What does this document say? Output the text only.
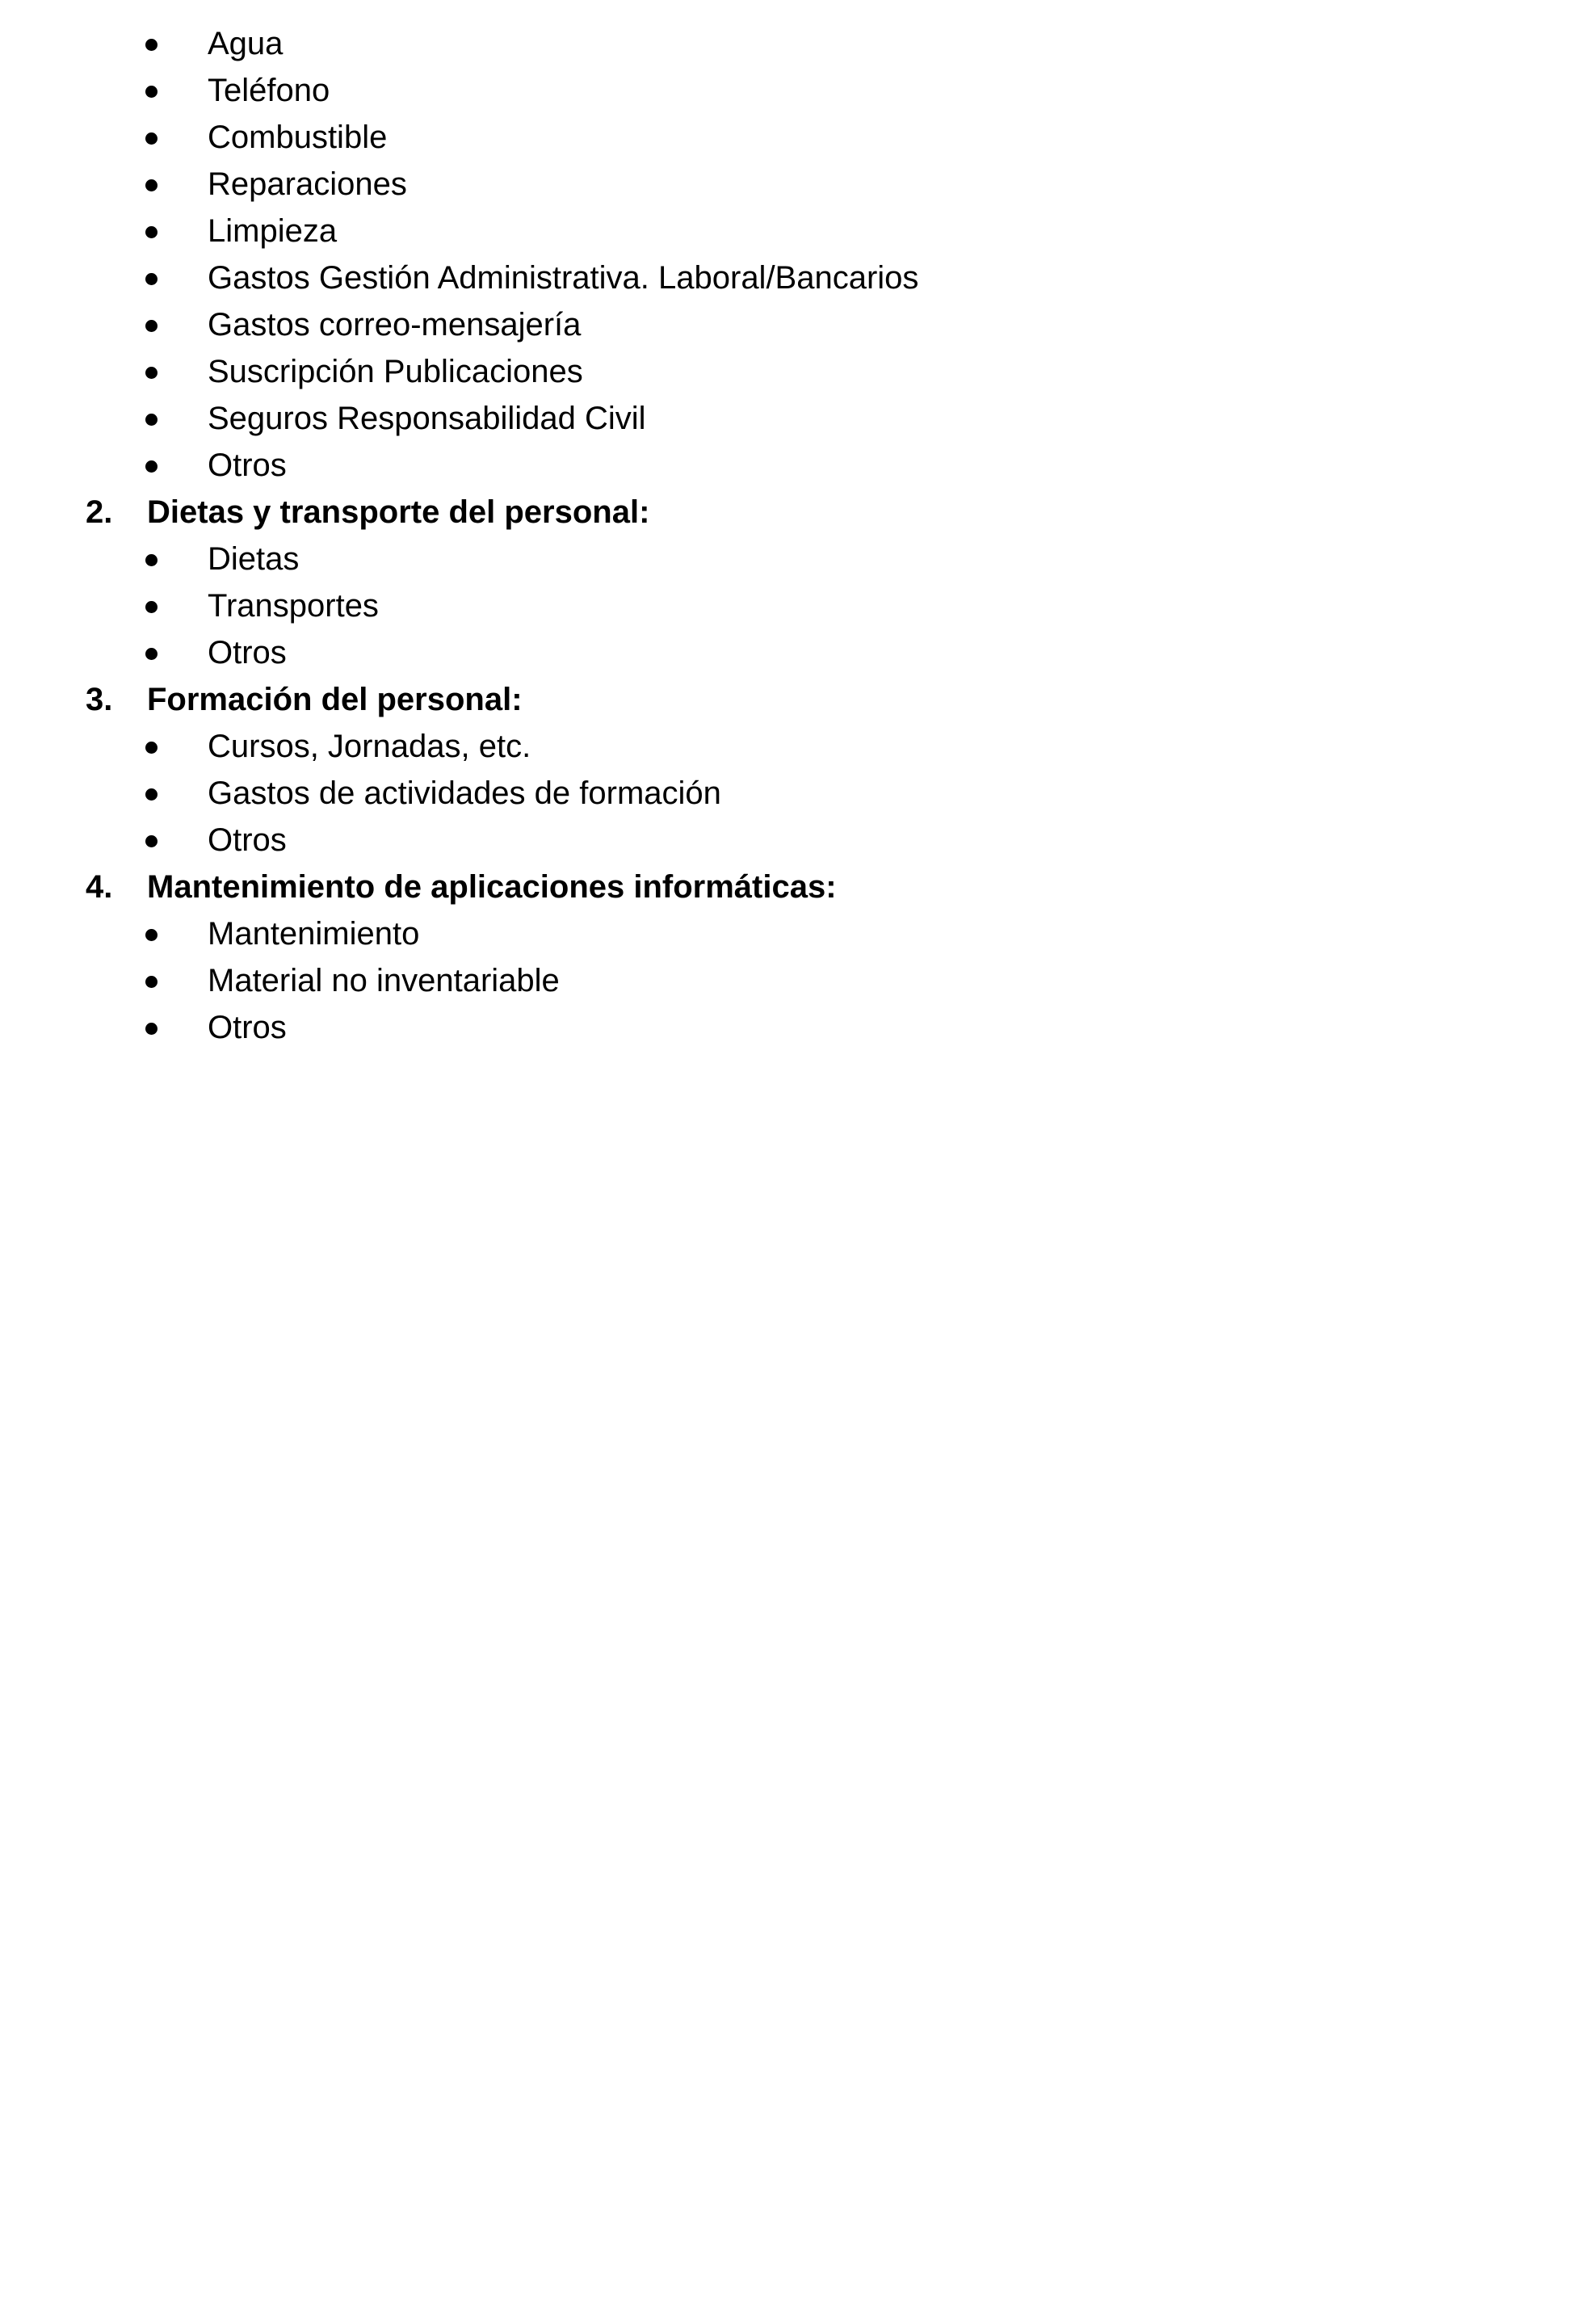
Agua
Teléfono
Combustible
Reparaciones
Limpieza
Gastos Gestión Administrativa. Laboral/Bancarios
Gastos correo-mensajería
Suscripción Publicaciones
Seguros Responsabilidad Civil
Otros
2. Dietas y transporte del personal:
Dietas
Transportes
Otros
3. Formación del personal:
Cursos, Jornadas, etc.
Gastos de actividades de formación
Otros
4. Mantenimiento de aplicaciones informáticas:
Mantenimiento
Material no inventariable
Otros
